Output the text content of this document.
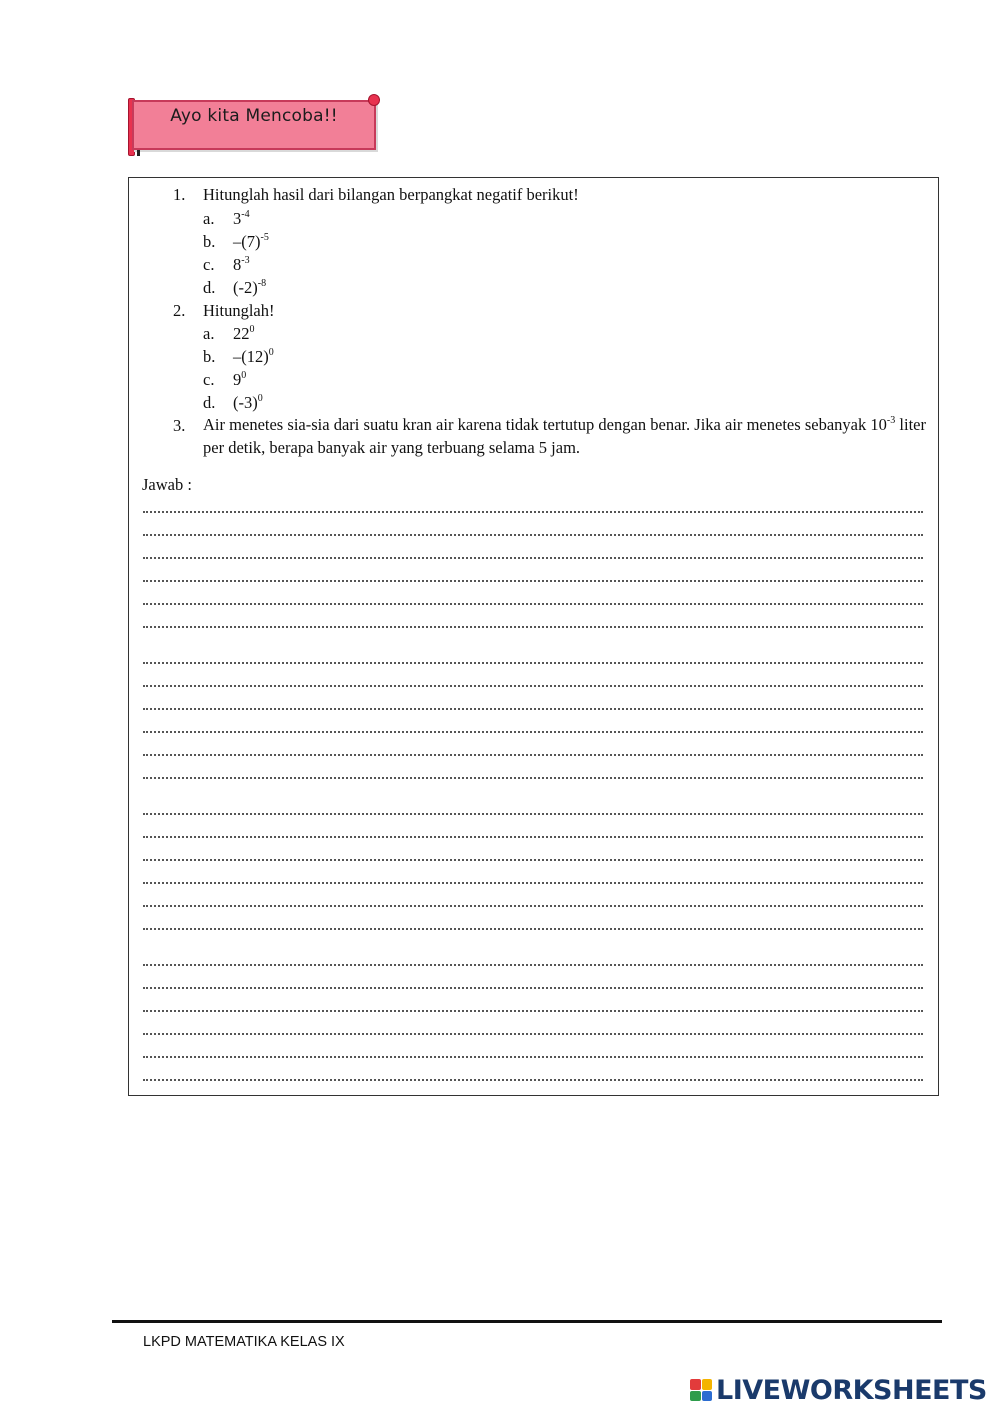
Ayo kita Mencoba!!
1. Hitunglah hasil dari bilangan berpangkat negatif berikut!
a. $3^{-4}$
b. $-(7)^{-5}$
c. $8^{-3}$
d. $(-2)^{-8}$
2. Hitunglah!
a. $22^0$
b. $-(12)^0$
c. $9^0$
d. $(-3)^0$
3. Air menetes sia-sia dari suatu kran air karena tidak tertutup dengan benar. Jika air menetes sebanyak $10^{-3}$ liter per detik, berapa banyak air yang terbuang selama 5 jam.
Jawab :
LKPD MATEMATIKA KELAS IX
LIVEWORKSHEETS
